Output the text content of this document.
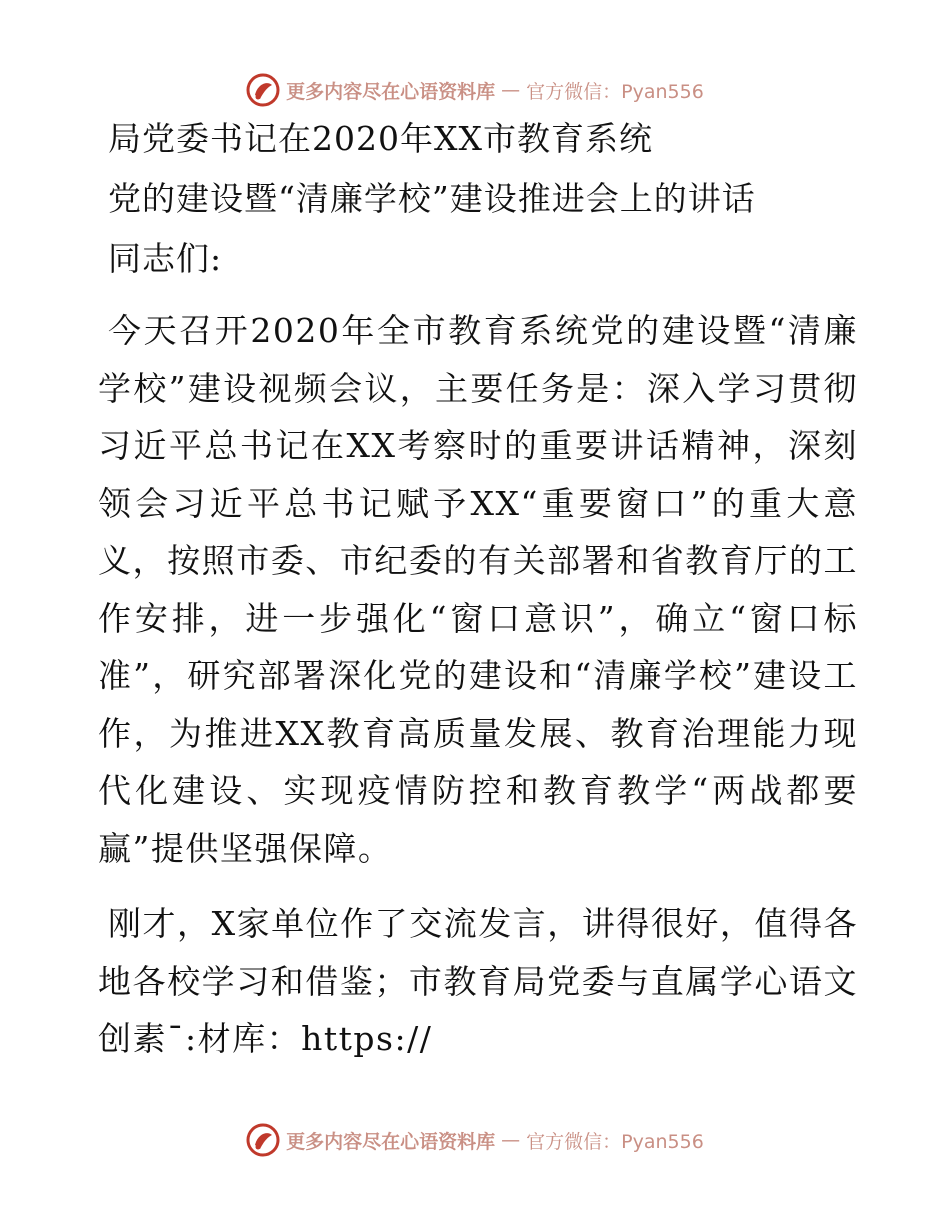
更多内容尽在心语资料库 — 官方微信：Pyan556
局党委书记在2020年XX市教育系统
党的建设暨“清廉学校”建设推进会上的讲话
同志们:

今天召开2020年全市教育系统党的建设暨“清廉学校”建设视频会议，主要任务是：深入学习贯彻习近平总书记在XX考察时的重要讲话精神，深刻领会习近平总书记赋予XX“重要窗口”的重大意义，按照市委、市纪委的有关部署和省教育厅的工作安排，进一步强化“窗口意识”，确立“窗口标准”，研究部署深化党的建设和“清廉学校”建设工作，为推进XX教育高质量发展、教育治理能力现代化建设、实现疫情防控和教育教学“两战都要赢”提供坚强保障。

刚才，X家单位作了交流发言，讲得很好，值得各地各校学习和借鉴；市教育局党委与直属学心语文创素¯:材库：https://

更多内容尽在心语资料库 — 官方微信：Pyan556
